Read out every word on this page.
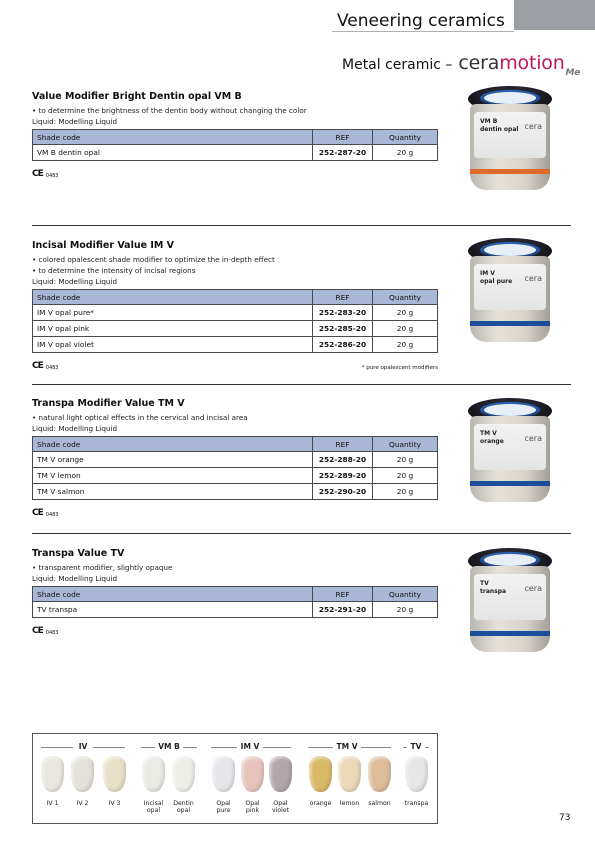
Veneering ceramics
Metal ceramic – ceramotion$_{Me}$
Value Modifier Bright Dentin opal VM B
• to determine the brightness of the dentin body without changing the color
Liquid: Modelling Liquid
Shade code	REF	Quantity
VM B dentin opal	252-287-20	20 g
CE 0483
Incisal Modifier Value IM V
• colored opalescent shade modifier to optimize the in-depth effect
• to determine the intensity of incisal regions
Liquid: Modelling Liquid
Shade code	REF	Quantity
IM V opal pure*	252-283-20	20 g
IM V opal pink	252-285-20	20 g
IM V opal violet	252-286-20	20 g
CE 0483	* pure opalescent modifiers
Transpa Modifier Value TM V
• natural light optical effects in the cervical and incisal area
Liquid: Modelling Liquid
Shade code	REF	Quantity
TM V orange	252-288-20	20 g
TM V lemon	252-289-20	20 g
TM V salmon	252-290-20	20 g
CE 0483
Transpa Value TV
• transparent modifier, slightly opaque
Liquid: Modelling Liquid
Shade code	REF	Quantity
TV transpa	252-291-20	20 g
CE 0483
IV	VM B	IM V	TM V	TV
IV 1	IV 2	IV 3	Incisal
opal
Dentin
opal
Opal
pure
Opal
pink
Opal
violet
orange lemon salmon transpa
73
VM B
dentin opal cera
IM V
opal pure cera
TM V
orange	cera
TV
transpa cera
